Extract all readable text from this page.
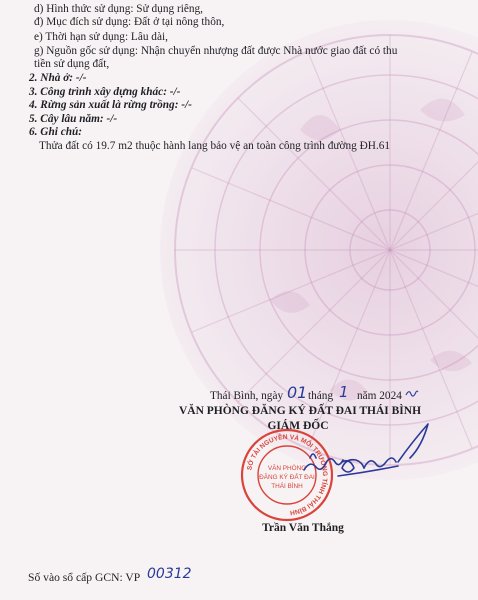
d) Hình thức sử dụng: Sử dụng riêng,
đ) Mục đích sử dụng: Đất ở tại nông thôn,
e) Thời hạn sử dụng: Lâu dài,
g) Nguồn gốc sử dụng: Nhận chuyển nhượng đất được Nhà nước giao đất có thu
tiền sử dụng đất,
2. Nhà ở: -/-
3. Công trình xây dựng khác: -/-
4. Rừng sản xuất là rừng trồng: -/-
5. Cây lâu năm: -/-
6. Ghi chú:
Thửa đất có 19.7 m2 thuộc hành lang bảo vệ an toàn công trình đường ĐH.61
Thái Bình, ngày 01 tháng 1 năm 2024
VĂN PHÒNG ĐĂNG KÝ ĐẤT ĐAI THÁI BÌNH
GIÁM ĐỐC
SỞ TÀI NGUYÊN VÀ MÔI TRƯỜNG TỈNH THÁI BÌNH
VĂN PHÒNG
ĐĂNG KÝ ĐẤT ĐAI
THÁI BÌNH
Trần Văn Thắng
Số vào sổ cấp GCN: VP 00312
